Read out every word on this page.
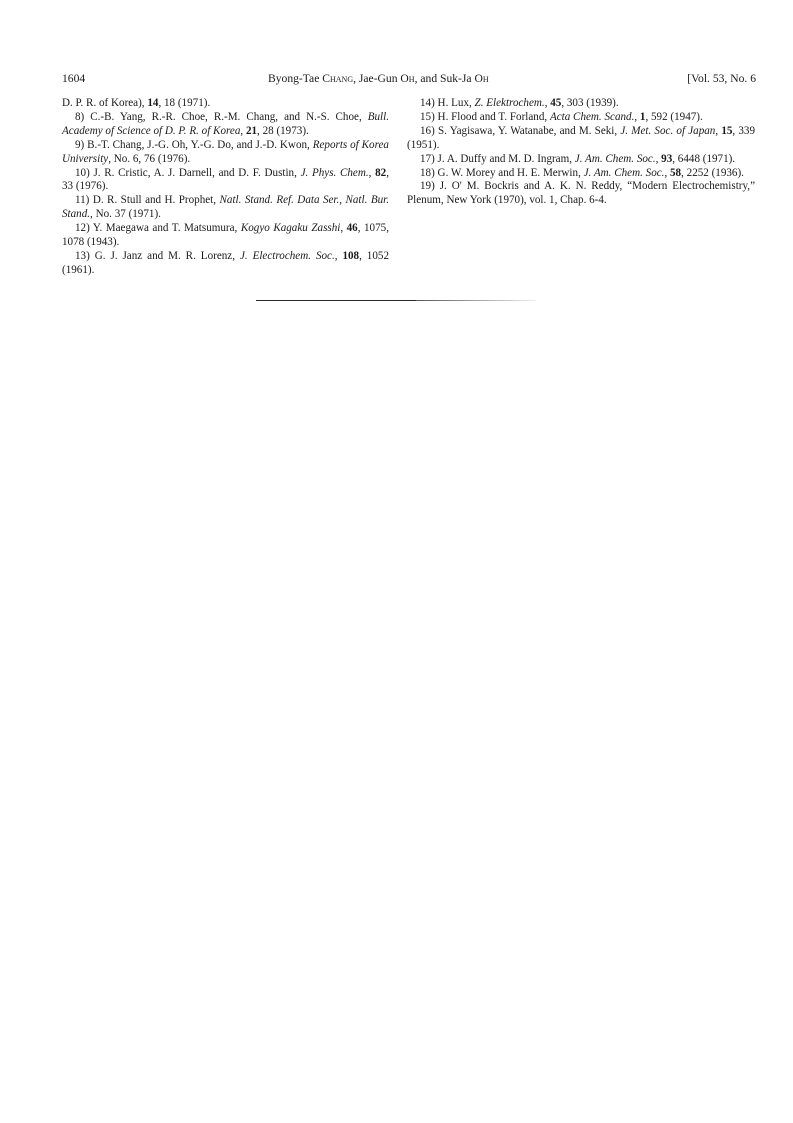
1604	Byong-Tae Chang, Jae-Gun Oh, and Suk-Ja Oh	[Vol. 53, No. 6

D. P. R. of Korea), 14, 18 (1971).

8) C.-B. Yang, R.-R. Choe, R.-M. Chang, and N.-S. Choe, Bull. Academy of Science of D. P. R. of Korea, 21, 28 (1973).

9) B.-T. Chang, J.-G. Oh, Y.-G. Do, and J.-D. Kwon, Reports of Korea University, No. 6, 76 (1976).

10) J. R. Cristic, A. J. Darnell, and D. F. Dustin, J. Phys. Chem., 82, 33 (1976).

11) D. R. Stull and H. Prophet, Natl. Stand. Ref. Data Ser., Natl. Bur. Stand., No. 37 (1971).

12) Y. Maegawa and T. Matsumura, Kogyo Kagaku Zasshi, 46, 1075, 1078 (1943).

13) G. J. Janz and M. R. Lorenz, J. Electrochem. Soc., 108, 1052 (1961).

14) H. Lux, Z. Elektrochem., 45, 303 (1939).

15) H. Flood and T. Forland, Acta Chem. Scand., 1, 592 (1947).

16) S. Yagisawa, Y. Watanabe, and M. Seki, J. Met. Soc. of Japan, 15, 339 (1951).

17) J. A. Duffy and M. D. Ingram, J. Am. Chem. Soc., 93, 6448 (1971).

18) G. W. Morey and H. E. Merwin, J. Am. Chem. Soc., 58, 2252 (1936).

19) J. O' M. Bockris and A. K. N. Reddy, “Modern Electrochemistry,” Plenum, New York (1970), vol. 1, Chap. 6-4.
